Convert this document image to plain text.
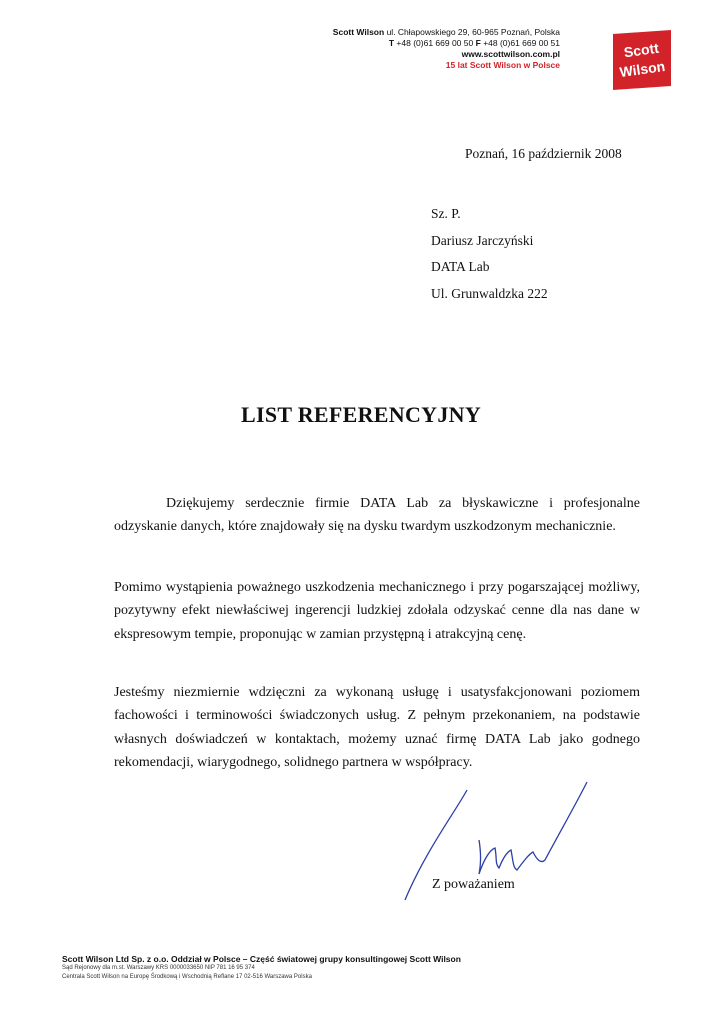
Scott Wilson ul. Chłapowskiego 29, 60-965 Poznań, Polska
T +48 (0)61 669 00 50 F +48 (0)61 669 00 51
www.scottwilson.com.pl
15 lat Scott Wilson w Polsce
Scott
Wilson
Poznań, 16 październik 2008
Sz. P.
Dariusz Jarczyński
DATA Lab
Ul. Grunwaldzka 222
LIST REFERENCYJNY
Dziękujemy serdecznie firmie DATA Lab za błyskawiczne i profesjonalne odzyskanie danych, które znajdowały się na dysku twardym uszkodzonym mechanicznie.
Pomimo wystąpienia poważnego uszkodzenia mechanicznego i przy pogarszającej możliwy, pozytywny efekt niewłaściwej ingerencji ludzkiej zdołala odzyskać cenne dla nas dane w ekspresowym tempie, proponując w zamian przystępną i atrakcyjną cenę.
Jesteśmy niezmiernie wdzięczni za wykonaną usługę i usatysfakcjonowani poziomem fachowości i terminowości świadczonych usług. Z pełnym przekonaniem, na podstawie własnych doświadczeń w kontaktach, możemy uznać firmę DATA Lab jako godnego rekomendacji, wiarygodnego, solidnego partnera w współpracy.
Z poważaniem
Scott Wilson Ltd Sp. z o.o. Oddział w Polsce – Część światowej grupy konsultingowej Scott Wilson
Sąd Rejonowy dla m.st. Warszawy KRS 0000033650 NIP 781 16 95 374
Centrala Scott Wilson na Europę Środkową i Wschodnią Reflane 17 02-516 Warszawa Polska
